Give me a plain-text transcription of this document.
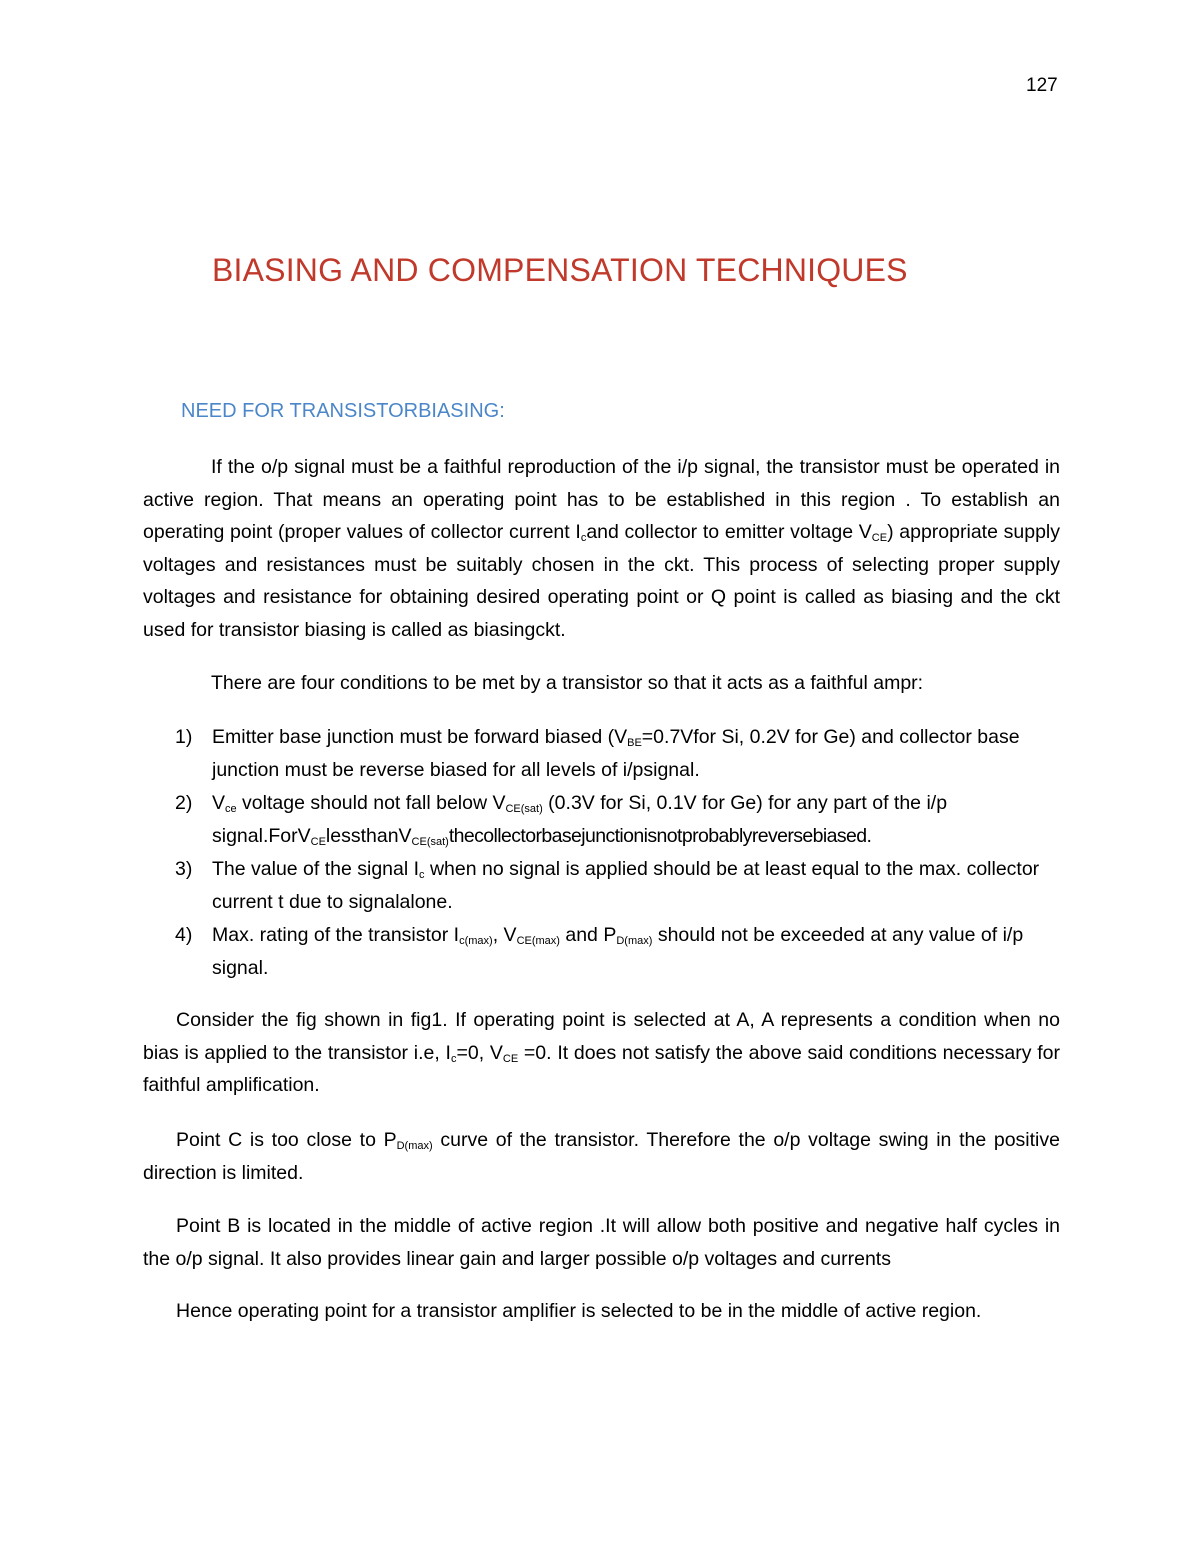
127
BIASING AND COMPENSATION TECHNIQUES
NEED FOR TRANSISTORBIASING:

If the o/p signal must be a faithful reproduction of the i/p signal, the transistor must be operated in active region. That means an operating point has to be established in this region . To establish an operating point (proper values of collector current $I_cand$ collector to emitter voltage $V_{CE}$) appropriate supply voltages and resistances must be suitably chosen in the ckt. This process of selecting proper supply voltages and resistance for obtaining desired operating point or Q point is called as biasing and the ckt used for transistor biasing is called as biasingckt.

There are four conditions to be met by a transistor so that it acts as a faithful ampr:

1) Emitter base junction must be forward biased ($V_{BE}=0.7Vfor$ Si, 0.2V for Ge) and collector base junction must be reverse biased for all levels of i/psignal.
2) $V_{ce}$ voltage should not fall below $V_{CE(sat)}$ (0.3V for Si, 0.1V for Ge) for any part of the i/p signal.ForV$_{CE}$lessthanV$_{CE(sat)}$thecollectorbasejunctionisnotprobablyreversebiased.
3) The value of the signal $I_c$ when no signal is applied should be at least equal to the max. collector current t due to signalalone.
4) Max. rating of the transistor $I_{c(max)}$, $V_{CE(max)}$ and $P_{D(max)}$ should not be exceeded at any value of i/p signal.

Consider the fig shown in fig1. If operating point is selected at A, A represents a condition when no bias is applied to the transistor i.e, $I_c=0$, $V_{CE} =0$. It does not satisfy the above said conditions necessary for faithful amplification.

Point C is too close to $P_{D(max)}$ curve of the transistor. Therefore the o/p voltage swing in the positive direction is limited.

Point B is located in the middle of active region .It will allow both positive and negative half cycles in the o/p signal. It also provides linear gain and larger possible o/p voltages and currents

Hence operating point for a transistor amplifier is selected to be in the middle of active region.
